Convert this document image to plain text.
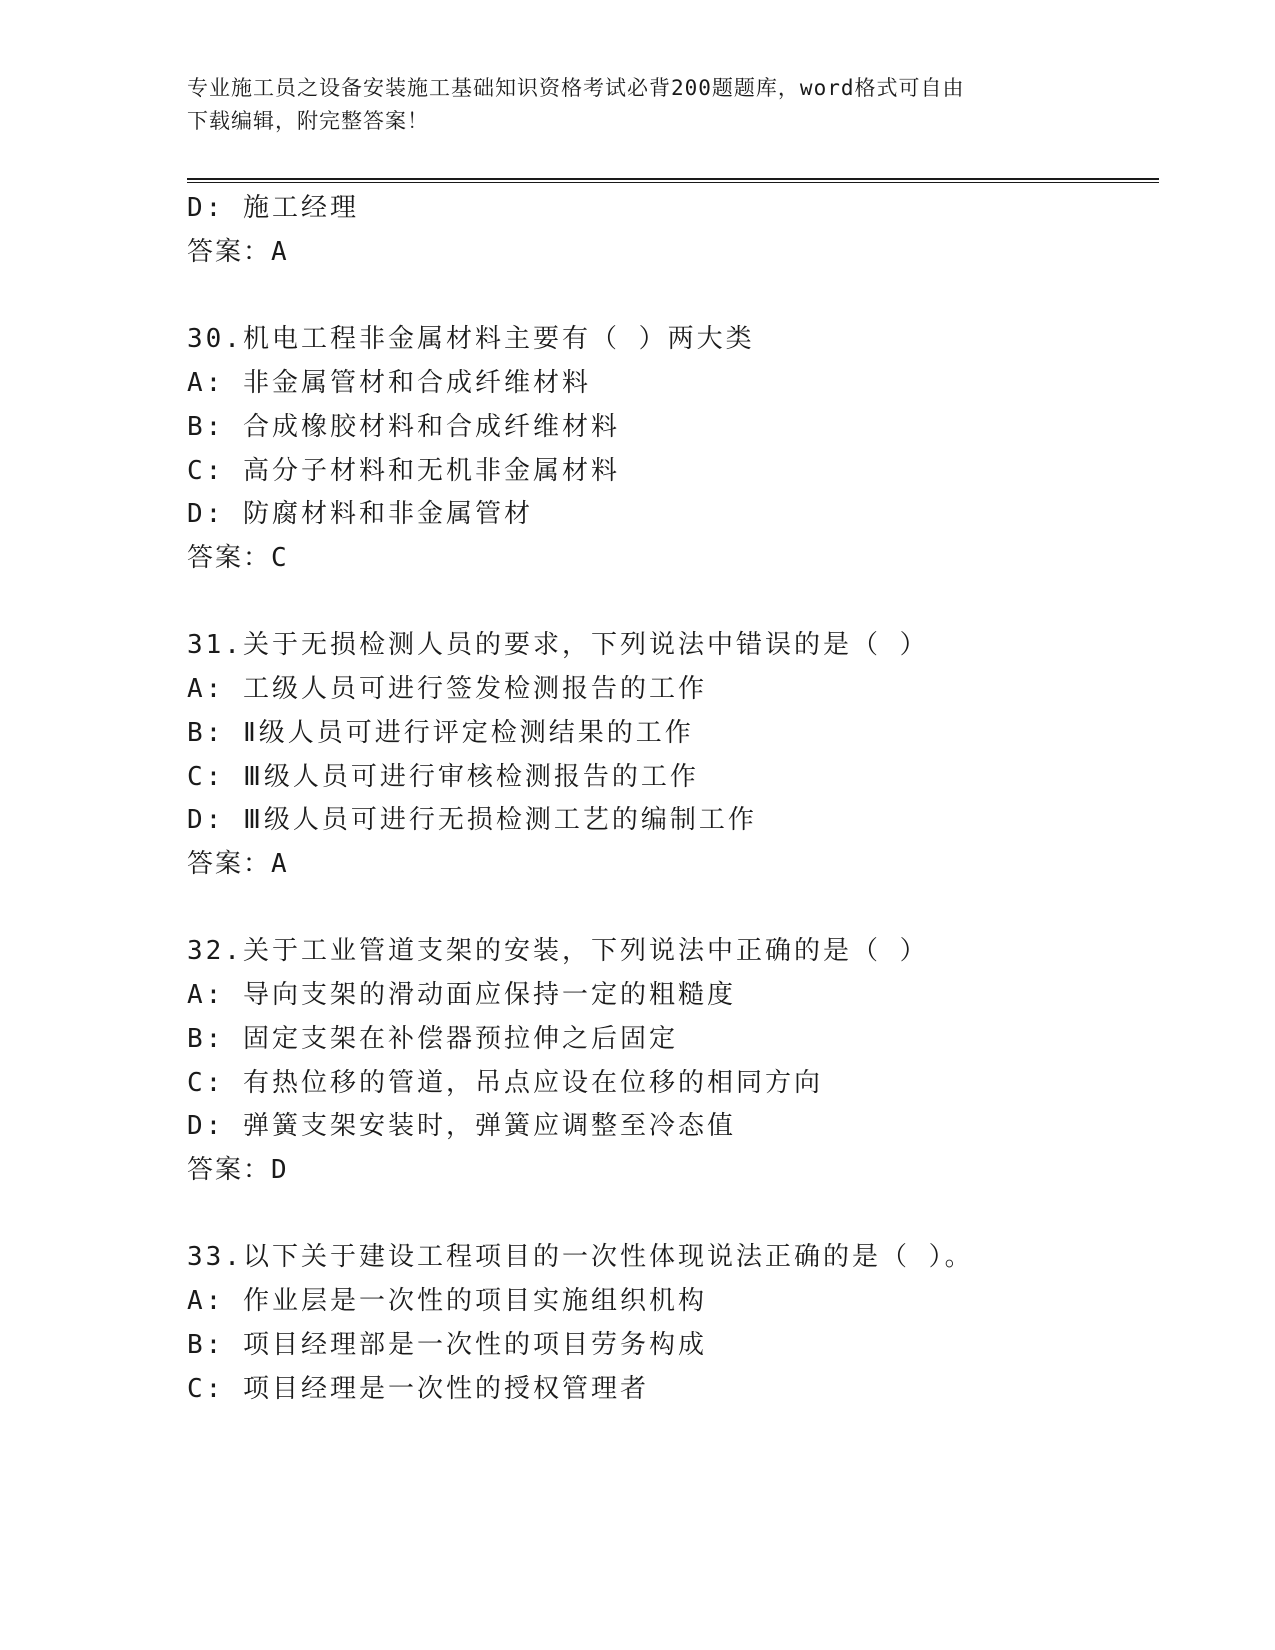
专业施工员之设备安装施工基础知识资格考试必背200题题库，word格式可自由
下载编辑，附完整答案！
D: 施工经理
答案：A
30.机电工程非金属材料主要有（ ）两大类
A: 非金属管材和合成纤维材料
B: 合成橡胶材料和合成纤维材料
C: 高分子材料和无机非金属材料
D: 防腐材料和非金属管材
答案：C
31.关于无损检测人员的要求，下列说法中错误的是（ ）
A: 工级人员可进行签发检测报告的工作
B: Ⅱ级人员可进行评定检测结果的工作
C: Ⅲ级人员可进行审核检测报告的工作
D: Ⅲ级人员可进行无损检测工艺的编制工作
答案：A
32.关于工业管道支架的安装，下列说法中正确的是（ ）
A: 导向支架的滑动面应保持一定的粗糙度
B: 固定支架在补偿器预拉伸之后固定
C: 有热位移的管道，吊点应设在位移的相同方向
D: 弹簧支架安装时，弹簧应调整至冷态值
答案：D
33.以下关于建设工程项目的一次性体现说法正确的是（ ）。
A: 作业层是一次性的项目实施组织机构
B: 项目经理部是一次性的项目劳务构成
C: 项目经理是一次性的授权管理者
